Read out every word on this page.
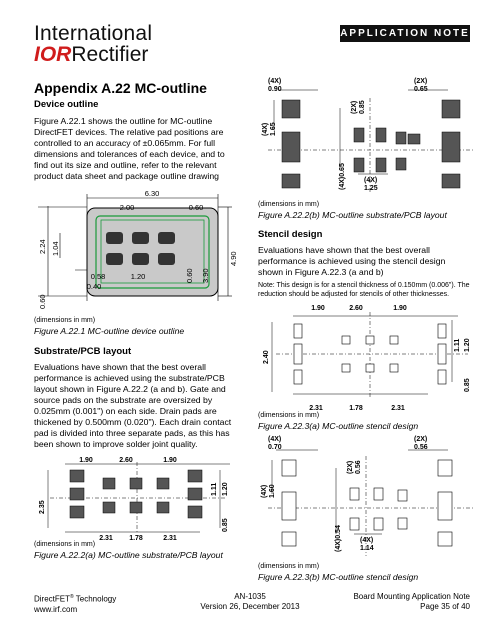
International
IORRectifier
APPLICATION NOTE
Appendix A.22 MC-outline
Device outline
Figure A.22.1 shows the outline for MC-outline DirectFET devices. The relative pad positions are controlled to an accuracy of ±0.065mm. For full dimensions and tolerances of each device, and to find out its size and outline, refer to the relevant product data sheet and package outline drawing
6.30
2.00	0.60
2.24 1.04
0.60
0.60 3.90
4.90
0.58	1.20
0.40
(dimensions in mm)
Figure A.22.1 MC-outline device outline
Substrate/PCB layout
Evaluations have shown that the best overall performance is achieved using the substrate/PCB layout shown in Figure A.22.2 (a and b). Gate and source pads on the substrate are oversized by 0.025mm (0.001") on each side. Drain pads are thickened by 0.500mm (0.020"). Each drain contact pad is divided into three separate pads, as this has been shown to improve solder joint quality.
1.90	2.60	1.90
2.35
1.11 1.20
0.85
2.31 1.78	2.31
(dimensions in mm)
Figure A.22.2(a) MC-outline substrate/PCB layout
(4X)
0.90
(2X)
0.65
(4X) 1.65
(2X) 0.85
(4X)0.65	(4X)
1.25
(dimensions in mm)
Figure A.22.2(b) MC-outline substrate/PCB layout
Stencil design
Evaluations have shown that the best overall performance is achieved using the stencil design shown in Figure A.22.3 (a and b)
Note: This design is for a stencil thickness of 0.150mm (0.006"). The reduction should be adjusted for stencils of other thicknesses.
1.90	2.60	1.90
2.40
1.11 1.20
0.85
2.31	1.78	2.31
(dimensions in mm)
Figure A.22.3(a) MC-outline stencil design
(4X)
0.70
(2X)
0.56
(4X) 1.60
(2X) 0.56
(4X)0.54	(4X)
1.14
(dimensions in mm)
Figure A.22.3(b) MC-outline stencil design
DirectFET® Technology
www.irf.com
AN-1035
Version 26, December 2013
Board Mounting Application Note
Page 35 of 40
